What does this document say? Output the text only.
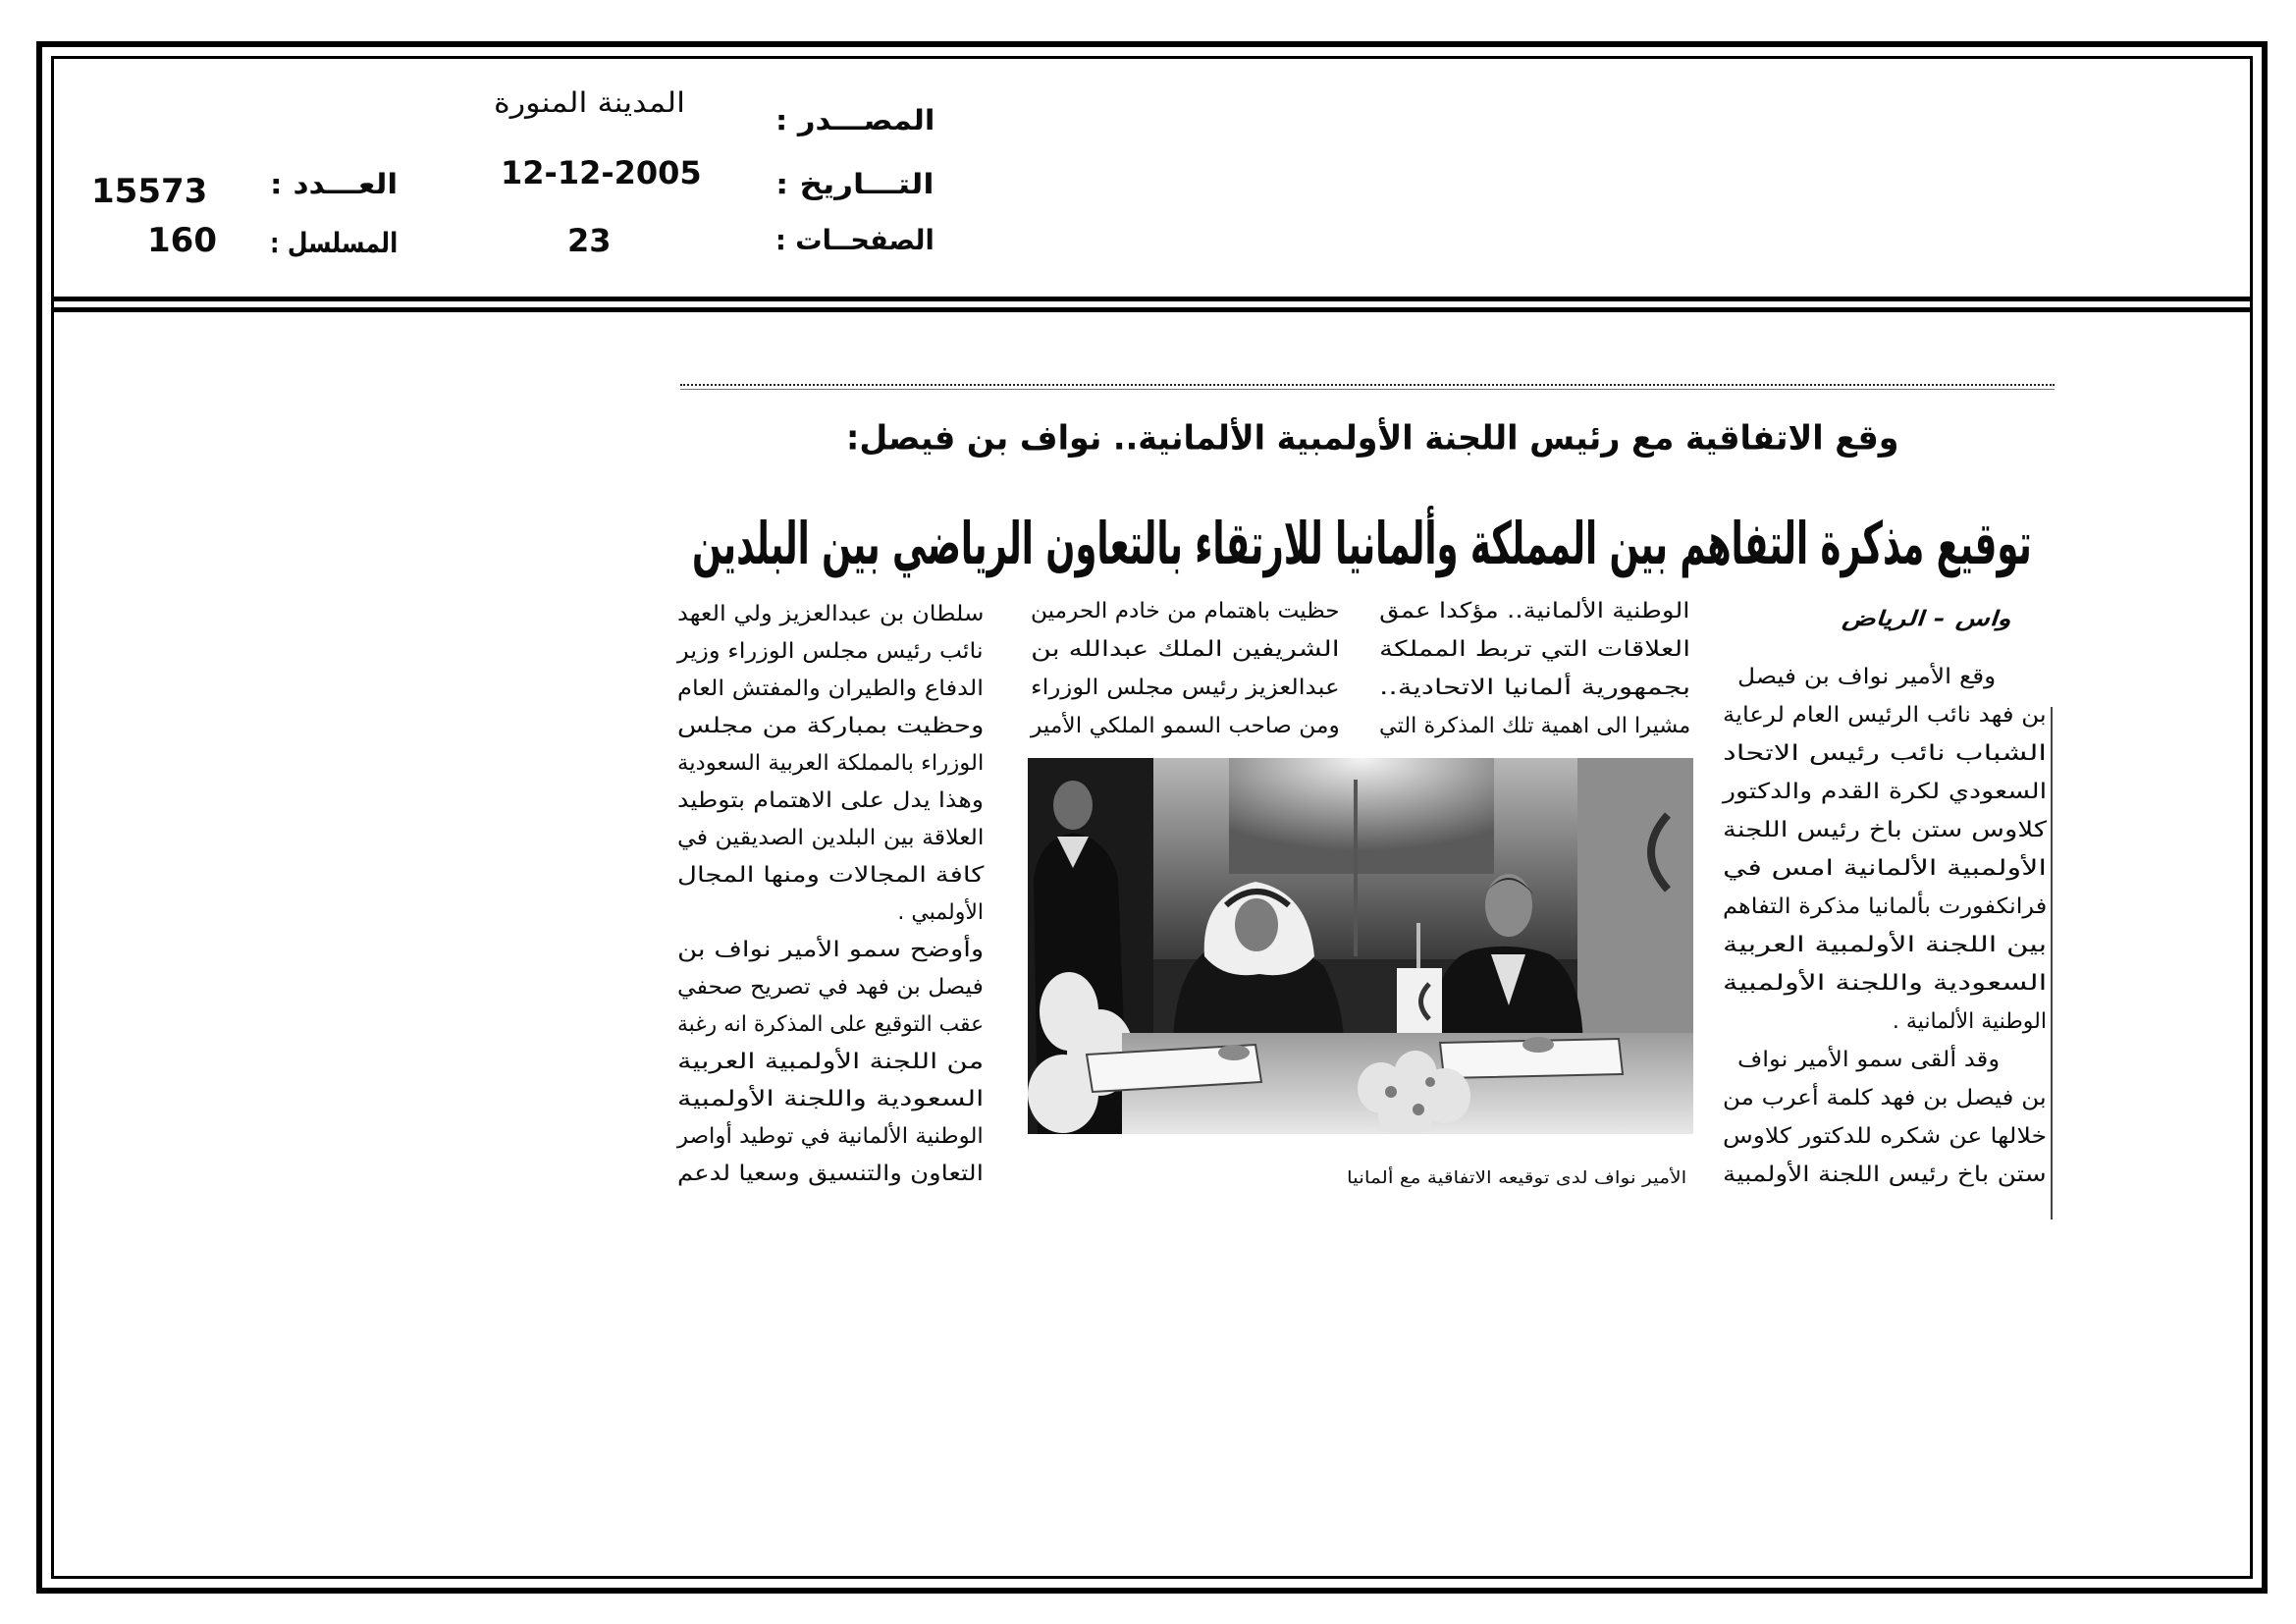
المصـــدر :
المدينة المنورة
التـــاريخ :
12-12-2005
الصفحــات :
23
العـــدد :
15573
المسلسل :
160
وقع الاتفاقية مع رئيس اللجنة الأولمبية الألمانية.. نواف بن فيصل:
توقيع مذكرة التفاهم بين المملكة وألمانيا للارتقاء بالتعاون الرياضي بين البلدين
واس - الرياض
وقع الأمير نواف بن فيصل
بن فهد نائب الرئيس العام لرعاية
الشباب نائب رئيس الاتحاد
السعودي لكرة القدم والدكتور
كلاوس ستن باخ رئيس اللجنة
الأولمبية الألمانية امس في
فرانكفورت بألمانيا مذكرة التفاهم
بين اللجنة الأولمبية العربية
السعودية واللجنة الأولمبية
الوطنية الألمانية .
وقد ألقى سمو الأمير نواف
بن فيصل بن فهد كلمة أعرب من
خلالها عن شكره للدكتور كلاوس
ستن باخ رئيس اللجنة الأولمبية
الوطنية الألمانية.. مؤكدا عمق
العلاقات التي تربط المملكة
بجمهورية ألمانيا الاتحادية..
مشيرا الى اهمية تلك المذكرة التي
حظيت باهتمام من خادم الحرمين
الشريفين الملك عبدالله بن
عبدالعزيز رئيس مجلس الوزراء
ومن صاحب السمو الملكي الأمير
سلطان بن عبدالعزيز ولي العهد
نائب رئيس مجلس الوزراء وزير
الدفاع والطيران والمفتش العام
وحظيت بمباركة من مجلس
الوزراء بالمملكة العربية السعودية
وهذا يدل على الاهتمام بتوطيد
العلاقة بين البلدين الصديقين في
كافة المجالات ومنها المجال
الأولمبي .
وأوضح سمو الأمير نواف بن
فيصل بن فهد في تصريح صحفي
عقب التوقيع على المذكرة انه رغبة
من اللجنة الأولمبية العربية
السعودية واللجنة الأولمبية
الوطنية الألمانية في توطيد أواصر
التعاون والتنسيق وسعيا لدعم	الأمير نواف لدى توقيعه الاتفاقية مع ألمانيا
